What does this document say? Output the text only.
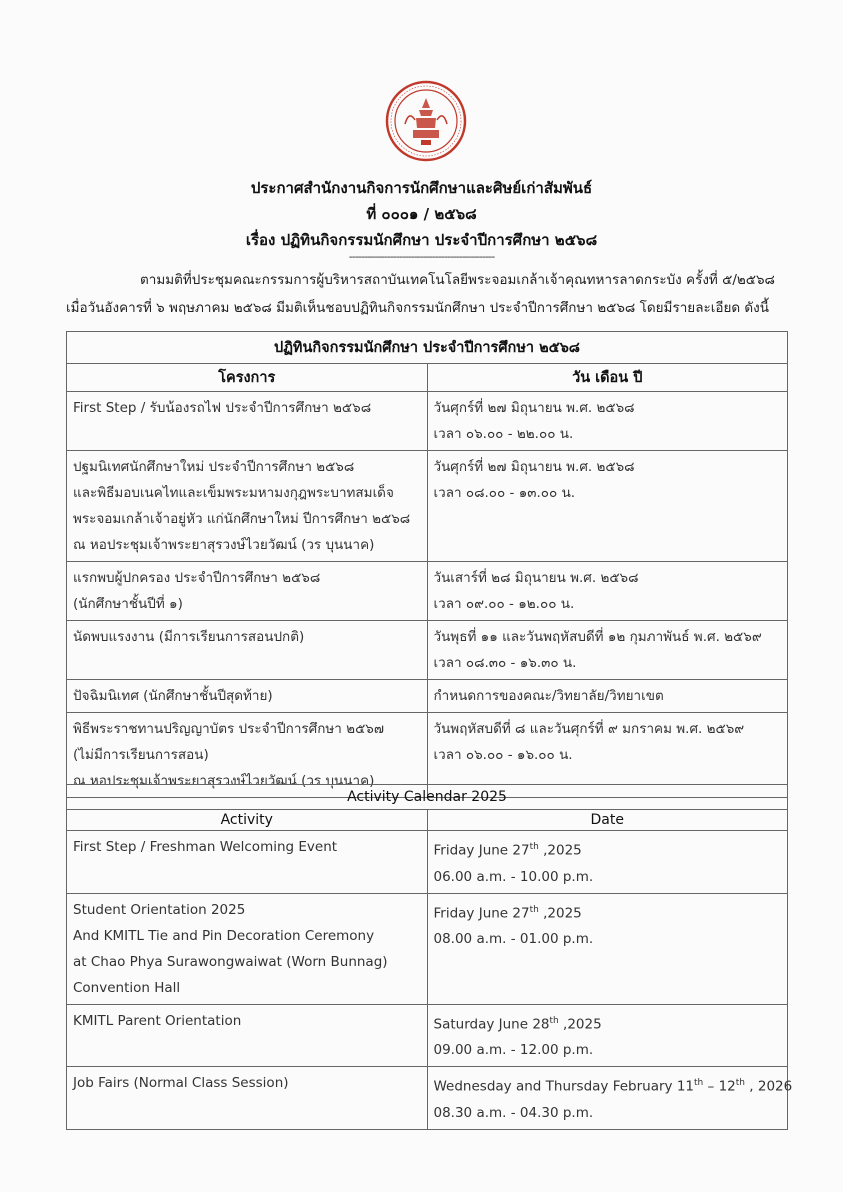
ประกาศสำนักงานกิจการนักศึกษาและศิษย์เก่าสัมพันธ์
ที่ ๐๐๐๑ / ๒๕๖๘
เรื่อง ปฏิทินกิจกรรมนักศึกษา ประจำปีการศึกษา ๒๕๖๘
-------------------------------------------------
ตามมติที่ประชุมคณะกรรมการผู้บริหารสถาบันเทคโนโลยีพระจอมเกล้าเจ้าคุณทหารลาดกระบัง ครั้งที่ ๕/๒๕๖๘
เมื่อวันอังคารที่ ๖ พฤษภาคม ๒๕๖๘ มีมติเห็นชอบปฏิทินกิจกรรมนักศึกษา ประจำปีการศึกษา ๒๕๖๘ โดยมีรายละเอียด ดังนี้
ปฏิทินกิจกรรมนักศึกษา ประจำปีการศึกษา ๒๕๖๘	
โครงการ	วัน เดือน ปี

First Step / รับน้องรถไฟ ประจำปีการศึกษา ๒๕๖๘	วันศุกร์ที่ ๒๗ มิถุนายน พ.ศ. ๒๕๖๘
เวลา ๐๖.๐๐ - ๒๒.๐๐ น.

ปฐมนิเทศนักศึกษาใหม่ ประจำปีการศึกษา ๒๕๖๘
และพิธีมอบเนคไทและเข็มพระมหามงกุฎพระบาทสมเด็จ
พระจอมเกล้าเจ้าอยู่หัว แก่นักศึกษาใหม่ ปีการศึกษา ๒๕๖๘
ณ หอประชุมเจ้าพระยาสุรวงษ์ไวยวัฒน์ (วร บุนนาค)	วันศุกร์ที่ ๒๗ มิถุนายน พ.ศ. ๒๕๖๘
เวลา ๐๘.๐๐ - ๑๓.๐๐ น.

แรกพบผู้ปกครอง ประจำปีการศึกษา ๒๕๖๘
(นักศึกษาชั้นปีที่ ๑)	วันเสาร์ที่ ๒๘ มิถุนายน พ.ศ. ๒๕๖๘
เวลา ๐๙.๐๐ - ๑๒.๐๐ น.

นัดพบแรงงาน (มีการเรียนการสอนปกติ)	วันพุธที่ ๑๑ และวันพฤหัสบดีที่ ๑๒ กุมภาพันธ์ พ.ศ. ๒๕๖๙
เวลา ๐๘.๓๐ - ๑๖.๓๐ น.

ปัจฉิมนิเทศ (นักศึกษาชั้นปีสุดท้าย)	กำหนดการของคณะ/วิทยาลัย/วิทยาเขต

พิธีพระราชทานปริญญาบัตร ประจำปีการศึกษา ๒๕๖๗
(ไม่มีการเรียนการสอน)
ณ หอประชุมเจ้าพระยาสุรวงษ์ไวยวัฒน์ (วร บุนนาค)	วันพฤหัสบดีที่ ๘ และวันศุกร์ที่ ๙ มกราคม พ.ศ. ๒๕๖๙
เวลา ๐๖.๐๐ - ๑๖.๐๐ น.
Activity Calendar 2025	
Activity	Date

First Step / Freshman Welcoming Event	Friday June 27th ,2025
06.00 a.m. - 10.00 p.m.

Student Orientation 2025
And KMITL Tie and Pin Decoration Ceremony
at Chao Phya Surawongwaiwat (Worn Bunnag)
Convention Hall	Friday June 27th ,2025
08.00 a.m. - 01.00 p.m.

KMITL Parent Orientation	Saturday June 28th ,2025
09.00 a.m. - 12.00 p.m.

Job Fairs (Normal Class Session)	Wednesday and Thursday February 11th – 12th , 2026
08.30 a.m. - 04.30 p.m.
